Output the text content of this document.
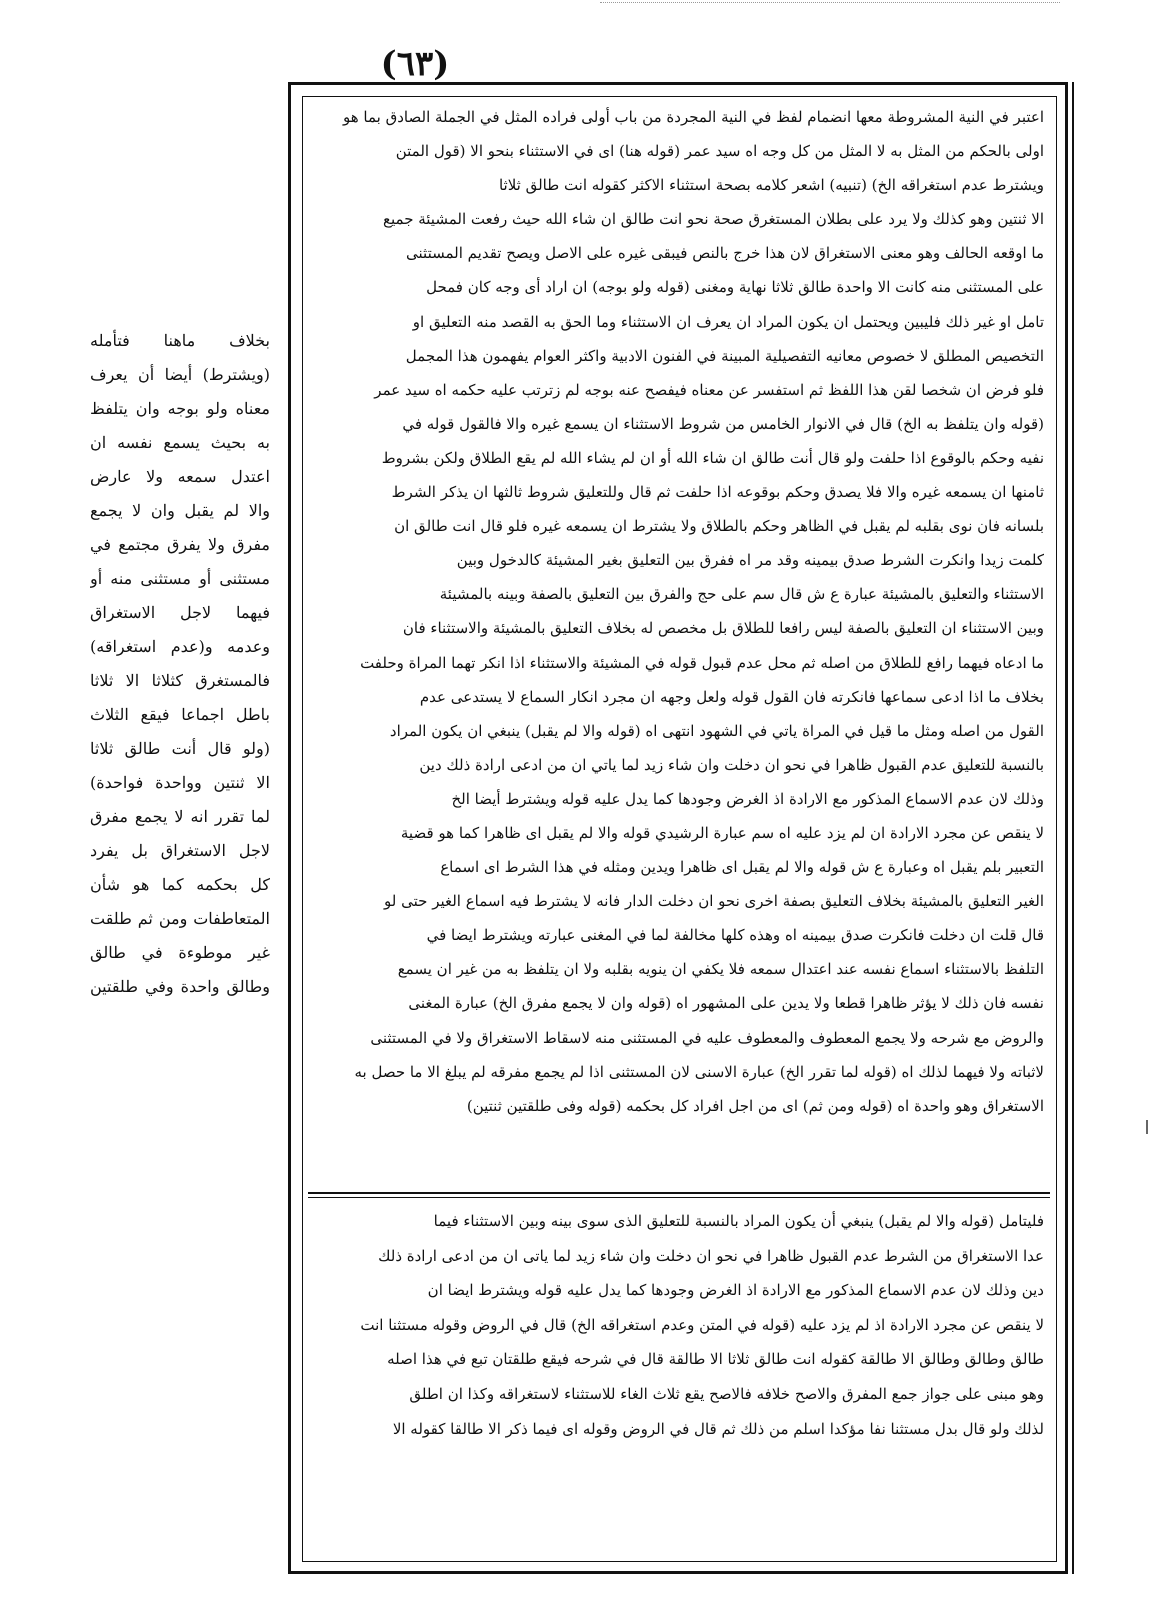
(٦٣)
اعتبر في النية المشروطة معها انضمام لفظ في النية المجردة من باب أولى فراده المثل في الجملة الصادق بما هو
اولى بالحكم من المثل به لا المثل من كل وجه اه سيد عمر (قوله هنا) اى في الاستثناء بنحو الا (قول المتن
ويشترط عدم استغراقه الخ) (تنبيه) اشعر كلامه بصحة استثناء الاكثر كقوله انت طالق ثلاثا
الا ثنتين وهو كذلك ولا يرد على بطلان المستغرق صحة نحو انت طالق ان شاء الله حيث رفعت المشيئة جميع
ما اوقعه الحالف وهو معنى الاستغراق لان هذا خرج بالنص فيبقى غيره على الاصل ويصح تقديم المستثنى
على المستثنى منه كانت الا واحدة طالق ثلاثا نهاية ومغنى (قوله ولو بوجه) ان اراد أى وجه كان فمحل
تامل او غير ذلك فليبين ويحتمل ان يكون المراد ان يعرف ان الاستثناء وما الحق به القصد منه التعليق او
التخصيص المطلق لا خصوص معانيه التفصيلية المبينة في الفنون الادبية واكثر العوام يفهمون هذا المجمل
فلو فرض ان شخصا لقن هذا اللفظ ثم استفسر عن معناه فيفصح عنه بوجه لم زترتب عليه حكمه اه سيد عمر
(قوله وان يتلفظ به الخ) قال في الانوار الخامس من شروط الاستثناء ان يسمع غيره والا فالقول قوله في
نفيه وحكم بالوقوع اذا حلفت ولو قال أنت طالق ان شاء الله أو ان لم يشاء الله لم يقع الطلاق ولكن بشروط
ثامنها ان يسمعه غيره والا فلا يصدق وحكم بوقوعه اذا حلفت ثم قال وللتعليق شروط ثالثها ان يذكر الشرط
بلسانه فان نوى بقلبه لم يقبل في الظاهر وحكم بالطلاق ولا يشترط ان يسمعه غيره فلو قال انت طالق ان
كلمت زيدا وانكرت الشرط صدق بيمينه وقد مر اه ففرق بين التعليق بغير المشيئة كالدخول وبين
الاستثناء والتعليق بالمشيئة عبارة ع ش قال سم على حج والفرق بين التعليق بالصفة وبينه بالمشيئة
وبين الاستثناء ان التعليق بالصفة ليس رافعا للطلاق بل مخصص له بخلاف التعليق بالمشيئة والاستثناء فان
ما ادعاه فيهما رافع للطلاق من اصله ثم محل عدم قبول قوله في المشيئة والاستثناء اذا انكر تهما المراة وحلفت
بخلاف ما اذا ادعى سماعها فانكرته فان القول قوله ولعل وجهه ان مجرد انكار السماع لا يستدعى عدم
القول من اصله ومثل ما قيل في المراة ياتي في الشهود انتهى اه (قوله والا لم يقبل) ينبغي ان يكون المراد
بالنسبة للتعليق عدم القبول ظاهرا في نحو ان دخلت وان شاء زيد لما ياتي ان من ادعى ارادة ذلك دين
وذلك لان عدم الاسماع المذكور مع الارادة اذ الغرض وجودها كما يدل عليه قوله ويشترط أيضا الخ
لا ينقص عن مجرد الارادة ان لم يزد عليه اه سم عبارة الرشيدي قوله والا لم يقبل اى ظاهرا كما هو قضية
التعبير بلم يقبل اه وعبارة ع ش قوله والا لم يقبل اى ظاهرا ويدين ومثله في هذا الشرط اى اسماع
الغير التعليق بالمشيئة بخلاف التعليق بصفة اخرى نحو ان دخلت الدار فانه لا يشترط فيه اسماع الغير حتى لو
قال قلت ان دخلت فانكرت صدق بيمينه اه وهذه كلها مخالفة لما في المغنى عبارته ويشترط ايضا في
التلفظ بالاستثناء اسماع نفسه عند اعتدال سمعه فلا يكفي ان ينويه بقلبه ولا ان يتلفظ به من غير ان يسمع
نفسه فان ذلك لا يؤثر ظاهرا قطعا ولا يدين على المشهور اه (قوله وان لا يجمع مفرق الخ) عبارة المغنى
والروض مع شرحه ولا يجمع المعطوف والمعطوف عليه في المستثنى منه لاسقاط الاستغراق ولا في المستثنى
لاثباته ولا فيهما لذلك اه (قوله لما تقرر الخ) عبارة الاسنى لان المستثنى اذا لم يجمع مفرقه لم يبلغ الا ما حصل به
الاستغراق وهو واحدة اه (قوله ومن ثم) اى من اجل افراد كل بحكمه (قوله وفى طلقتين ثنتين)
فليتامل (قوله والا لم يقبل) ينبغي أن يكون المراد بالنسبة للتعليق الذى سوى بينه وبين الاستثناء فيما
عدا الاستغراق من الشرط عدم القبول ظاهرا في نحو ان دخلت وان شاء زيد لما ياتى ان من ادعى ارادة ذلك
دين وذلك لان عدم الاسماع المذكور مع الارادة اذ الغرض وجودها كما يدل عليه قوله ويشترط ايضا ان
لا ينقص عن مجرد الارادة اذ لم يزد عليه (قوله في المتن وعدم استغراقه الخ) قال في الروض وقوله مستثنا انت
طالق وطالق وطالق الا طالقة كقوله انت طالق ثلاثا الا طالقة قال في شرحه فيقع طلقتان تبع في هذا اصله
وهو مبنى على جواز جمع المفرق والاصح خلافه فالاصح يقع ثلاث الغاء للاستثناء لاستغراقه وكذا ان اطلق
لذلك ولو قال بدل مستثنا نفا مؤكدا اسلم من ذلك ثم قال في الروض وقوله اى فيما ذكر الا طالقا كقوله الا
بخلاف ماهنا فتأمله
(ويشترط) أيضا أن يعرف
معناه ولو بوجه وان يتلفظ
به بحيث يسمع نفسه ان
اعتدل سمعه ولا عارض
والا لم يقبل وان لا يجمع
مفرق ولا يفرق مجتمع في
مستثنى أو مستثنى منه أو
فيهما لاجل الاستغراق
وعدمه و(عدم استغراقه)
فالمستغرق كثلاثا الا ثلاثا
باطل اجماعا فيقع الثلاث
(ولو قال أنت طالق ثلاثا
الا ثنتين وواحدة فواحدة)
لما تقرر انه لا يجمع مفرق
لاجل الاستغراق بل يفرد
كل بحكمه كما هو شأن
المتعاطفات ومن ثم طلقت
غير موطوءة في طالق
وطالق واحدة وفي طلقتين
